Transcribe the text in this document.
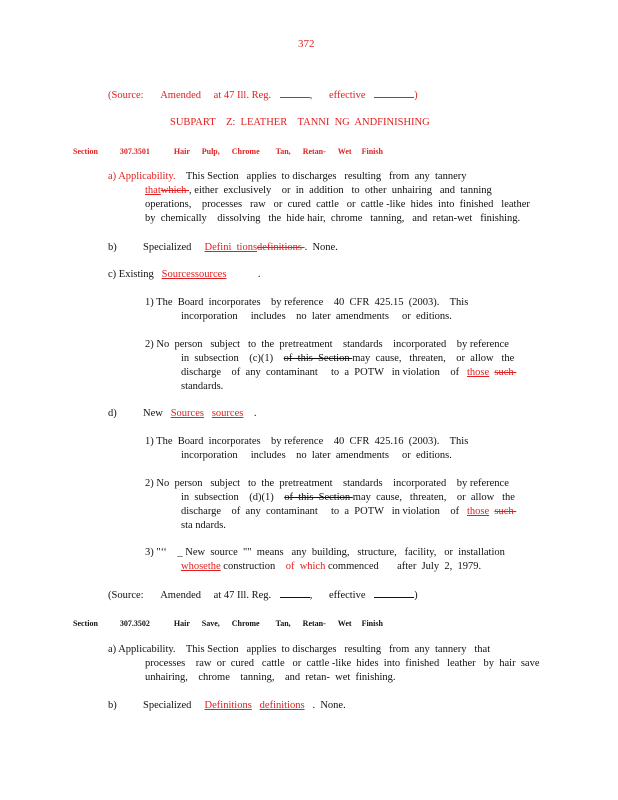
372
(Source: Amended at 47 Ill. Reg.	, effective	)
SUBPART    Z:  LEATHER    TANNI  NG  ANDFINISHING
Section	307.3501	Hair Pulp, Chrome Tan, Retan- Wet Finish
a) Applicability. This Section   applies  to discharges   resulting   from  any  tannery
thatwhich , either  exclusively    or  in  addition   to  other  unhairing   and  tanning
operations,    processes   raw   or  cured  cattle   or  cattle -like  hides  into  finished   leather
by  chemically    dissolving   the  hide hair,  chrome   tanning,   and  retan-wet   finishing.
b)	Specialized Defini  tionsdefinitions .  None.
c) Existing Sourcessources	.
1) The  Board  incorporates    by reference    40  CFR  425.15  (2003).    This
incorporation     includes    no  later  amendments     or  editions.
2) No  person   subject   to  the  pretreatment    standards    incorporated    by reference
in  subsection    (c)(1) of  this  Section may  cause,   threaten,    or  allow   the
discharge    of  any  contaminant     to  a  POTW   in violation    of those such
standards.
d)	New Sources sources .
1) The  Board  incorporates    by reference    40  CFR  425.16  (2003).    This
incorporation     includes    no  later  amendments     or  editions.
2) No  person   subject   to  the  pretreatment    standards    incorporated    by reference
in  subsection    (d)(1) of  this  Section may  cause,   threaten,    or  allow   the
discharge    of  any  contaminant     to  a  POTW   in violation    of those such
sta ndards.
3) "‘‘    _ New  source  ""  means   any  building,   structure,   facility,   or  installation
whosethe construction of  which commenced       after  July  2,  1979.
(Source: Amended at 47 Ill. Reg.	, effective	)
Section	307.3502	Hair Save, Chrome Tan, Retan- Wet Finish
a) Applicability. This Section   applies  to discharges   resulting   from  any  tannery   that
processes    raw  or  cured   cattle   or  cattle -like  hides  into  finished   leather   by  hair  save
unhairing,    chrome    tanning,    and  retan-  wet  finishing.
b)	Specialized Definitions definitions .  None.
